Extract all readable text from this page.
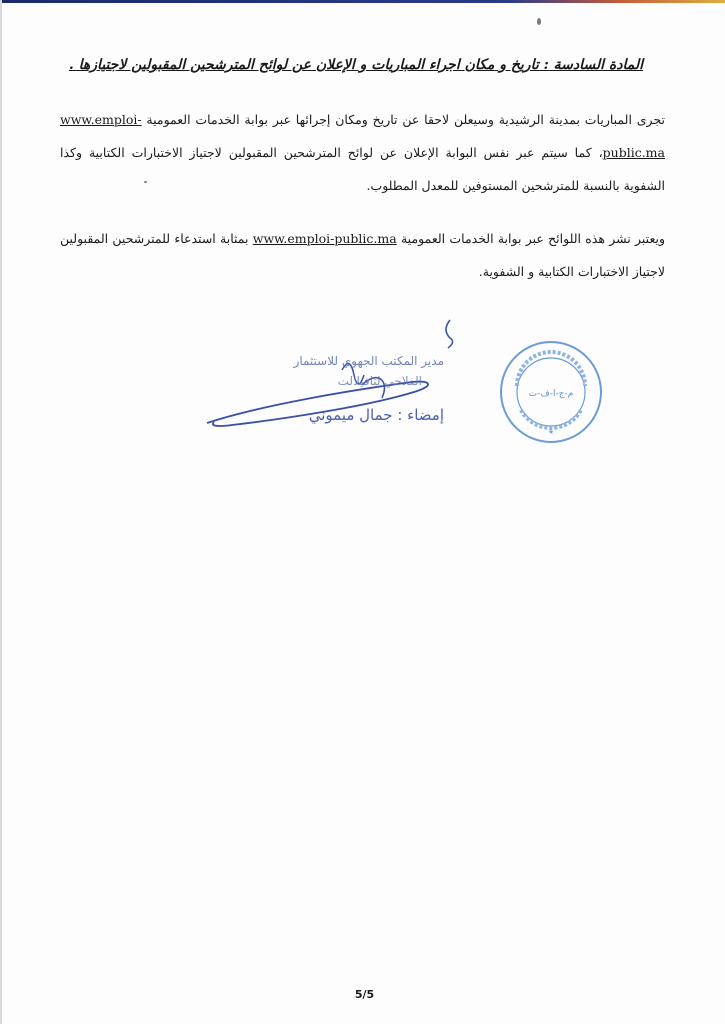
المادة السادسة : تاريخ و مكان اجراء المباريات و الإعلان عن لوائح المترشحين المقبولين لاجتيازها .
تجرى المباريات بمدينة الرشيدية وسيعلن لاحقا عن تاريخ ومكان إجرائها عبر بوابة الخدمات العمومية www.emploi-public.ma، كما سيتم عبر نفس البوابة الإعلان عن لوائح المترشحين المقبولين لاجتياز الاختبارات الكتابية وكذا الشفوية بالنسبة للمترشحين المستوفين للمعدل المطلوب.
ويعتبر نشر هذه اللوائح عبر بوابة الخدمات العمومية www.emploi-public.ma بمثابة استدعاء للمترشحين المقبولين لاجتياز الاختبارات الكتابية و الشفوية.
مدير المكتب الجهوي للاستثمار
الفلاحي لتافيلالت
إمضاء : جمال ميموني
م-ج-ا-ف-ت
★
5/5
